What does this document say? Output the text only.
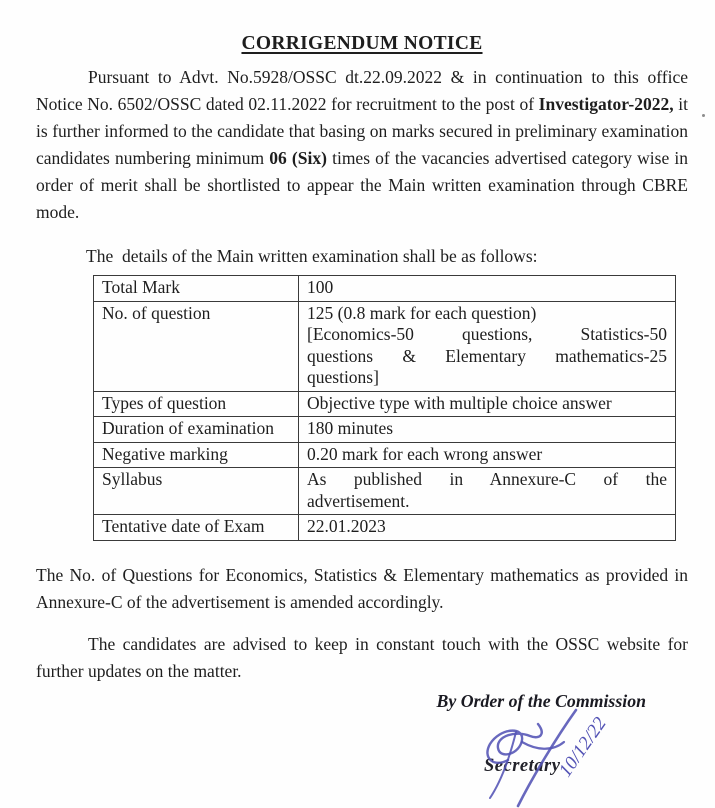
CORRIGENDUM NOTICE

Pursuant to Advt. No.5928/OSSC dt.22.09.2022 & in continuation to this office Notice No. 6502/OSSC dated 02.11.2022 for recruitment to the post of Investigator-2022, it is further informed to the candidate that basing on marks secured in preliminary examination candidates numbering minimum 06 (Six) times of the vacancies advertised category wise in order of merit shall be shortlisted to appear the Main written examination through CBRE mode.

The  details of the Main written examination shall be as follows:
Total Mark	100

No. of question	125 (0.8 mark for each question)
[Economics-50 questions, Statistics-50
questions & Elementary mathematics-25
questions]

Types of question	Objective type with multiple choice answer

Duration of examination	180 minutes

Negative marking	0.20 mark for each wrong answer

Syllabus	As published in Annexure-C of the
advertisement.

Tentative date of Exam	22.01.2023

The No. of Questions for Economics, Statistics & Elementary mathematics as provided in Annexure-C of the advertisement is amended accordingly.

The candidates are advised to keep in constant touch with the OSSC website for further updates on the matter.

By Order of the Commission
Secretary
10/12/22
